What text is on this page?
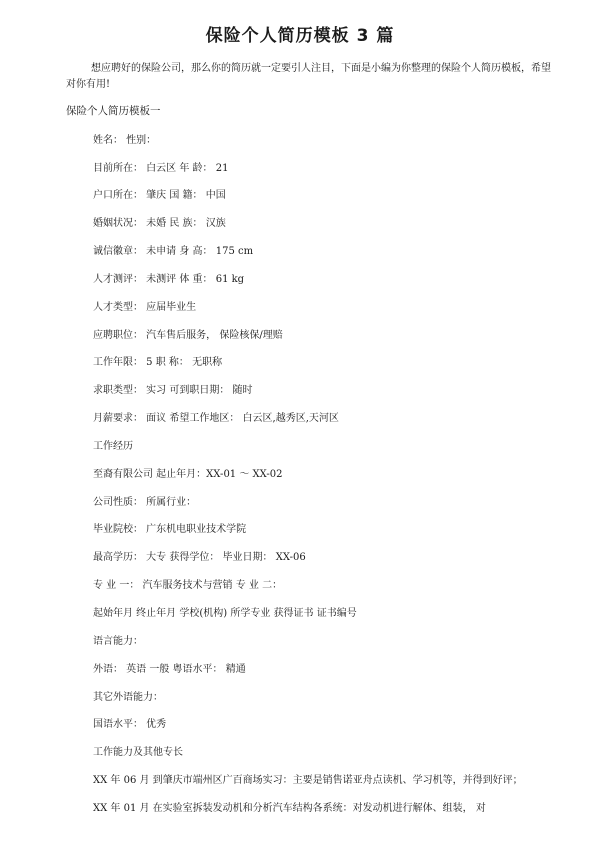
保险个人简历模板 3 篇
想应聘好的保险公司，那么你的简历就一定要引人注目，下面是小编为你整理的保险个人简历模板，希望对你有用!
保险个人简历模板一
姓名： 性别：
目前所在： 白云区 年 龄： 21
户口所在： 肇庆 国 籍： 中国
婚姻状况： 未婚 民 族： 汉族
诚信徽章： 未申请 身 高： 175 cm
人才测评： 未测评 体 重： 61 kg
人才类型： 应届毕业生
应聘职位： 汽车售后服务， 保险核保/理赔
工作年限： 5 职 称： 无职称
求职类型： 实习 可到职日期： 随时
月薪要求： 面议 希望工作地区： 白云区,越秀区,天河区
工作经历
至裔有限公司 起止年月：XX-01 ～ XX-02
公司性质： 所属行业：
毕业院校： 广东机电职业技术学院
最高学历： 大专 获得学位： 毕业日期： XX-06
专 业 一： 汽车服务技术与营销 专 业 二：
起始年月 终止年月 学校(机构) 所学专业 获得证书 证书编号
语言能力：
外语： 英语 一般 粤语水平： 精通
其它外语能力：
国语水平： 优秀
工作能力及其他专长
XX 年 06 月 到肇庆市端州区广百商场实习：主要是销售诺亚舟点读机、学习机等，并得到好评；
XX 年 01 月 在实验室拆装发动机和分析汽车结构各系统：对发动机进行解体、组装， 对
